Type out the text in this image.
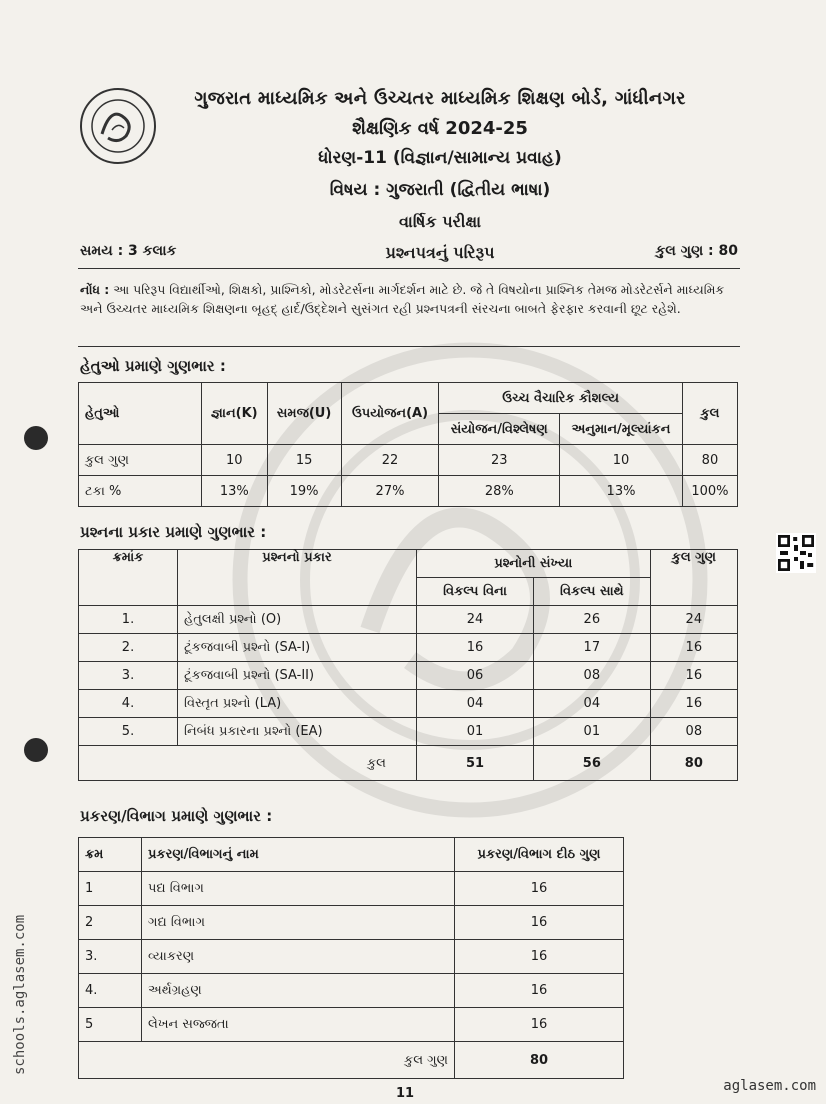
ગુજરાત માધ્યમિક અને ઉચ્ચતર માધ્યમિક શિક્ષણ બોર્ડ, ગાંધીનગર
શૈક્ષણિક વર્ષ 2024-25
ધોરણ-11 (વિજ્ઞાન/સામાન્ય પ્રવાહ)
વિષય : ગુજરાતી (દ્વિતીય ભાષા)
વાર્ષિક પરીક્ષા
સમય : 3 કલાક	પ્રશ્નપત્રનું પરિરૂપ	કુલ ગુણ : 80
નોંધ : આ પરિરૂપ વિદ્યાર્થીઓ, શિક્ષકો, પ્રાશ્નિકો, મોડરેટર્સના માર્ગદર્શન માટે છે. જે તે વિષયોના પ્રાશ્નિક તેમજ મોડરેટર્સને માધ્યમિક અને ઉચ્ચતર માધ્યમિક શિક્ષણના બૃહદ્ હાર્દ/ઉદ્દેશને સુસંગત રહી પ્રશ્નપત્રની સંરચના બાબતે ફેરફાર કરવાની છૂટ રહેશે.
હેતુઓ પ્રમાણે ગુણભાર :
હેતુઓ	જ્ઞાન(K)	સમજ(U)	ઉપયોજન(A)	ઉચ્ચ વૈચારિક કૌશલ્ય		કુલ
				સંયોજન/વિશ્લેષણ	અનુમાન/મૂલ્યાંકન	
કુલ ગુણ	10	15	22	23	10	80
ટકા %	13%	19%	27%	28%	13%	100%
પ્રશ્નના પ્રકાર પ્રમાણે ગુણભાર :
ક્રમાંક	પ્રશ્નનો પ્રકાર	પ્રશ્નોની સંખ્યા		કુલ ગુણ
		વિકલ્પ વિના	વિકલ્પ સાથે	
1.	હેતુલક્ષી પ્રશ્નો (O)	24	26	24
2.	ટૂંકજવાબી પ્રશ્નો (SA-I)	16	17	16
3.	ટૂંકજવાબી પ્રશ્નો (SA-II)	06	08	16
4.	વિસ્તૃત પ્રશ્નો (LA)	04	04	16
5.	નિબંધ પ્રકારના પ્રશ્નો (EA)	01	01	08
કુલ		51	56	80
પ્રકરણ/વિભાગ પ્રમાણે ગુણભાર :
ક્રમ	પ્રકરણ/વિભાગનું નામ	પ્રકરણ/વિભાગ દીઠ ગુણ
1	પદ્ય વિભાગ	16
2	ગદ્ય વિભાગ	16
3.	વ્યાકરણ	16
4.	અર્થગ્રહણ	16
5	લેખન સજ્જતા	16
કુલ ગુણ		80
schools.aglasem.com
aglasem.com
11
